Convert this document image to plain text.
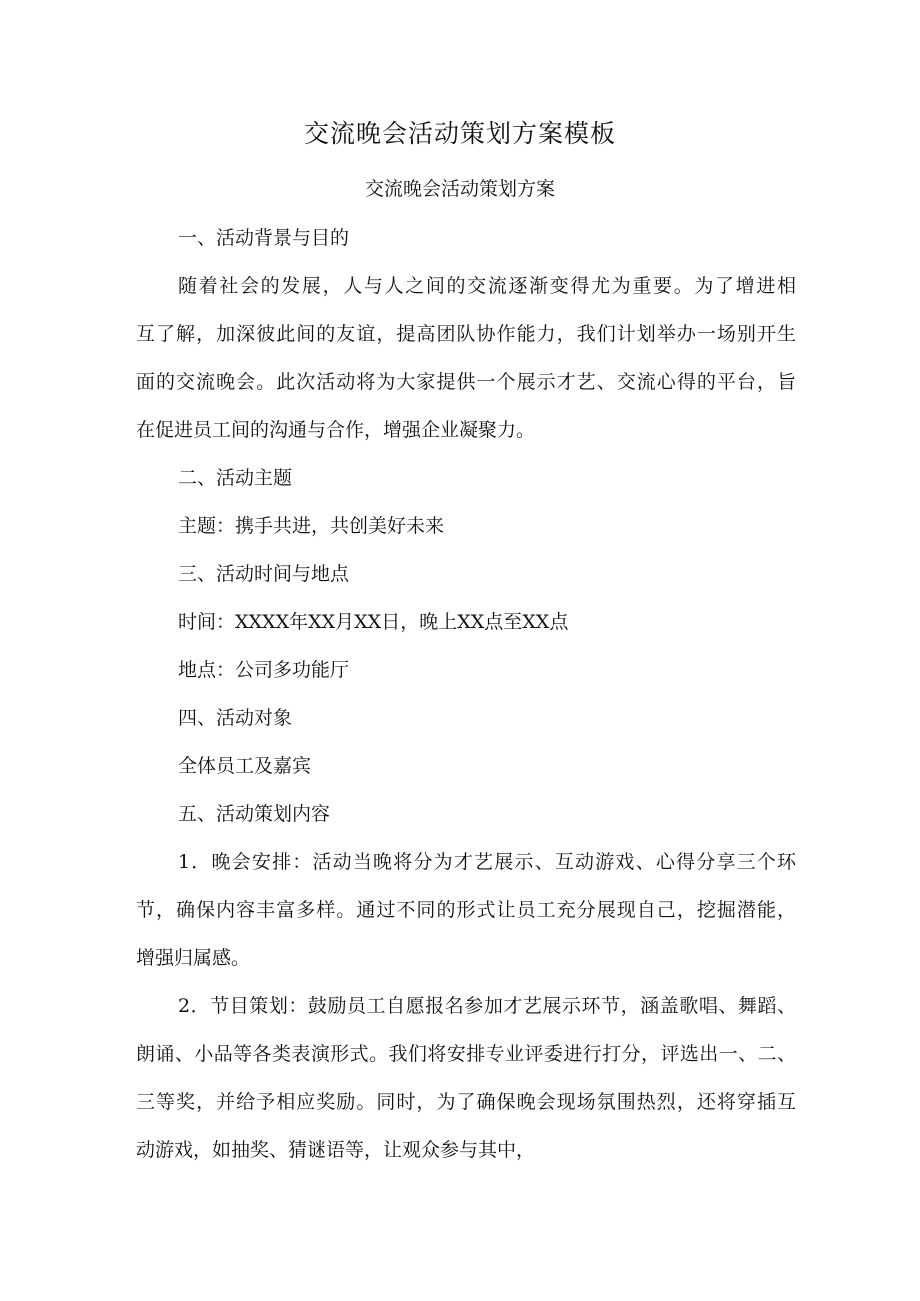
交流晚会活动策划方案模板
交流晚会活动策划方案
一、活动背景与目的
随着社会的发展，人与人之间的交流逐渐变得尤为重要。为了增进相
互了解，加深彼此间的友谊，提高团队协作能力，我们计划举办一场别开生
面的交流晚会。此次活动将为大家提供一个展示才艺、交流心得的平台，旨
在促进员工间的沟通与合作，增强企业凝聚力。
二、活动主题
主题：携手共进，共创美好未来
三、活动时间与地点
时间：XXXX年XX月XX日，晚上XX点至XX点
地点：公司多功能厅
四、活动对象
全体员工及嘉宾
五、活动策划内容
1．晚会安排：活动当晚将分为才艺展示、互动游戏、心得分享三个环
节，确保内容丰富多样。通过不同的形式让员工充分展现自己，挖掘潜能，
增强归属感。
2．节目策划：鼓励员工自愿报名参加才艺展示环节，涵盖歌唱、舞蹈、
朗诵、小品等各类表演形式。我们将安排专业评委进行打分，评选出一、二、
三等奖，并给予相应奖励。同时，为了确保晚会现场氛围热烈，还将穿插互
动游戏，如抽奖、猜谜语等，让观众参与其中，
